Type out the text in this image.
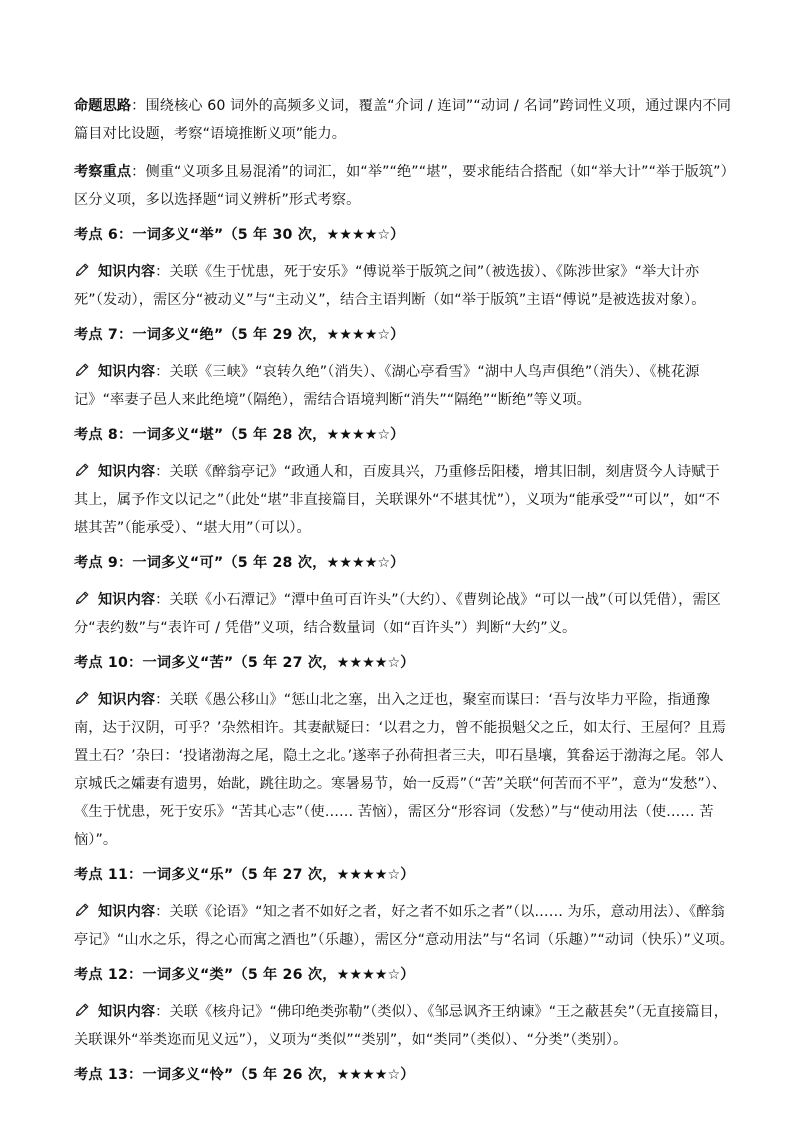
命题思路：围绕核心 60 词外的高频多义词，覆盖“介词 / 连词”“动词 / 名词”跨词性义项，通过课内不同篇目对比设题，考察“语境推断义项”能力。

考察重点：侧重“义项多且易混淆”的词汇，如“举”“绝”“堪”，要求能结合搭配（如“举大计”“举于版筑”）区分义项，多以选择题“词义辨析”形式考察。

考点 6：一词多义“举”（5 年 30 次，★★★★☆）

知识内容：关联《生于忧患，死于安乐》“傅说举于版筑之间”（被选拔）、《陈涉世家》“举大计亦死”（发动），需区分“被动义”与“主动义”，结合主语判断（如“举于版筑”主语“傅说”是被选拔对象）。

考点 7：一词多义“绝”（5 年 29 次，★★★★☆）

知识内容：关联《三峡》“哀转久绝”（消失）、《湖心亭看雪》“湖中人鸟声俱绝”（消失）、《桃花源记》“率妻子邑人来此绝境”（隔绝），需结合语境判断“消失”“隔绝”“断绝”等义项。

考点 8：一词多义“堪”（5 年 28 次，★★★★☆）

知识内容：关联《醉翁亭记》“政通人和，百废具兴，乃重修岳阳楼，增其旧制，刻唐贤今人诗赋于其上，属予作文以记之”（此处“堪”非直接篇目，关联课外“不堪其忧”），义项为“能承受”“可以”，如“不堪其苦”（能承受）、“堪大用”（可以）。

考点 9：一词多义“可”（5 年 28 次，★★★★☆）

知识内容：关联《小石潭记》“潭中鱼可百许头”（大约）、《曹刿论战》“可以一战”（可以凭借），需区分“表约数”与“表许可 / 凭借”义项，结合数量词（如“百许头”）判断“大约”义。

考点 10：一词多义“苦”（5 年 27 次，★★★★☆）

知识内容：关联《愚公移山》“惩山北之塞，出入之迂也，聚室而谋曰：‘吾与汝毕力平险，指通豫南，达于汉阴，可乎？’杂然相许。其妻献疑曰：‘以君之力，曾不能损魁父之丘，如太行、王屋何？且焉置土石？’杂曰：‘投诸渤海之尾，隐土之北。’遂率子孙荷担者三夫，叩石垦壤，箕畚运于渤海之尾。邻人京城氏之孀妻有遗男，始龀，跳往助之。寒暑易节，始一反焉”（“苦”关联“何苦而不平”，意为“发愁”）、《生于忧患，死于安乐》“苦其心志”（使…… 苦恼），需区分“形容词（发愁）”与“使动用法（使…… 苦恼）”。

考点 11：一词多义“乐”（5 年 27 次，★★★★☆）

知识内容：关联《论语》“知之者不如好之者，好之者不如乐之者”（以…… 为乐，意动用法）、《醉翁亭记》“山水之乐，得之心而寓之酒也”（乐趣），需区分“意动用法”与“名词（乐趣）”“动词（快乐）”义项。

考点 12：一词多义“类”（5 年 26 次，★★★★☆）

知识内容：关联《核舟记》“佛印绝类弥勒”（类似）、《邹忌讽齐王纳谏》“王之蔽甚矣”（无直接篇目，关联课外“举类迩而见义远”），义项为“类似”“类别”，如“类同”（类似）、“分类”（类别）。

考点 13：一词多义“怜”（5 年 26 次，★★★★☆）
